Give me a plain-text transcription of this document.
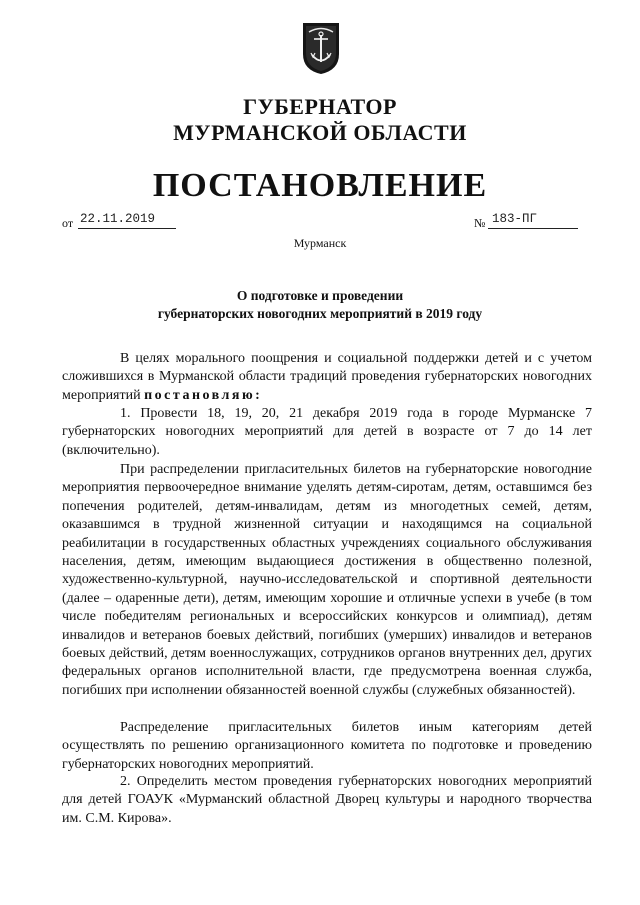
ГУБЕРНАТОР
МУРМАНСКОЙ ОБЛАСТИ
ПОСТАНОВЛЕНИЕ
от 22.11.2019	№ 183-ПГ
Мурманск
О подготовке и проведении
губернаторских новогодних мероприятий в 2019 году

В целях морального поощрения и социальной поддержки детей и с учетом сложившихся в Мурманской области традиций проведения губернаторских новогодних мероприятий постановляю:

1. Провести 18, 19, 20, 21 декабря 2019 года в городе Мурманске 7 губернаторских новогодних мероприятий для детей в возрасте от 7 до 14 лет (включительно).

При распределении пригласительных билетов на губернаторские новогодние мероприятия первоочередное внимание уделять детям-сиротам, детям, оставшимся без попечения родителей, детям-инвалидам, детям из многодетных семей, детям, оказавшимся в трудной жизненной ситуации и находящимся на социальной реабилитации в государственных областных учреждениях социального обслуживания населения, детям, имеющим выдающиеся достижения в общественно полезной, художественно-культурной, научно-исследовательской и спортивной деятельности (далее – одаренные дети), детям, имеющим хорошие и отличные успехи в учебе (в том числе победителям региональных и всероссийских конкурсов и олимпиад), детям инвалидов и ветеранов боевых действий, погибших (умерших) инвалидов и ветеранов боевых действий, детям военнослужащих, сотрудников органов внутренних дел, других федеральных органов исполнительной власти, где предусмотрена военная служба, погибших при исполнении обязанностей военной службы (служебных обязанностей).

Распределение пригласительных билетов иным категориям детей осуществлять по решению организационного комитета по подготовке и проведению губернаторских новогодних мероприятий.

2. Определить местом проведения губернаторских новогодних мероприятий для детей ГОАУК «Мурманский областной Дворец культуры и народного творчества им. С.М. Кирова».
